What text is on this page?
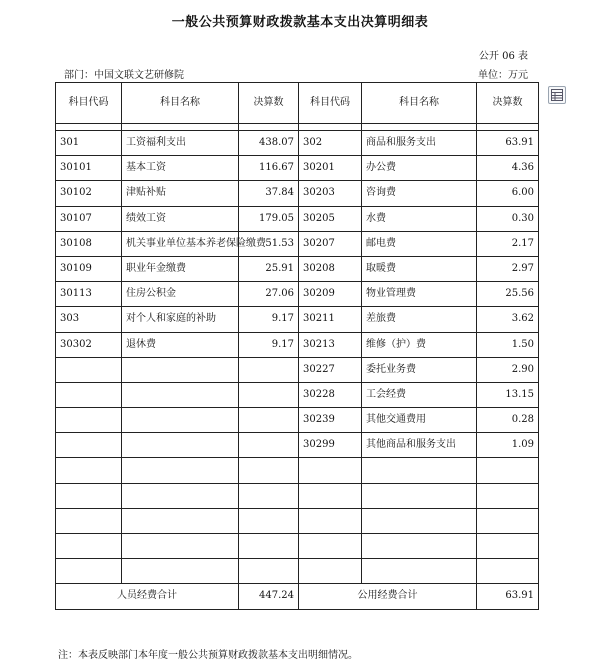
一般公共预算财政拨款基本支出决算明细表
公开 06 表
部门：中国文联文艺研修院	单位：万元
科目代码	科目名称	决算数	科目代码	科目名称	决算数

301	工资福利支出	438.07	302	商品和服务支出	63.91
30101	基本工资	116.67	30201	办公费	4.36
30102	津贴补贴	37.84	30203	咨询费	6.00
30107	绩效工资	179.05	30205	水费	0.30
30108	机关事业单位基本养老保险缴费	51.53	30207	邮电费	2.17
30109	职业年金缴费	25.91	30208	取暖费	2.97
30113	住房公积金	27.06	30209	物业管理费	25.56
303	对个人和家庭的补助	9.17	30211	差旅费	3.62
30302	退休费	9.17	30213	维修（护）费	1.50
			30227	委托业务费	2.90
			30228	工会经费	13.15
			30239	其他交通费用	0.28
			30299	其他商品和服务支出	1.09

人员经费合计		447.24	公用经费合计		63.91
注：本表反映部门本年度一般公共预算财政拨款基本支出明细情况。
